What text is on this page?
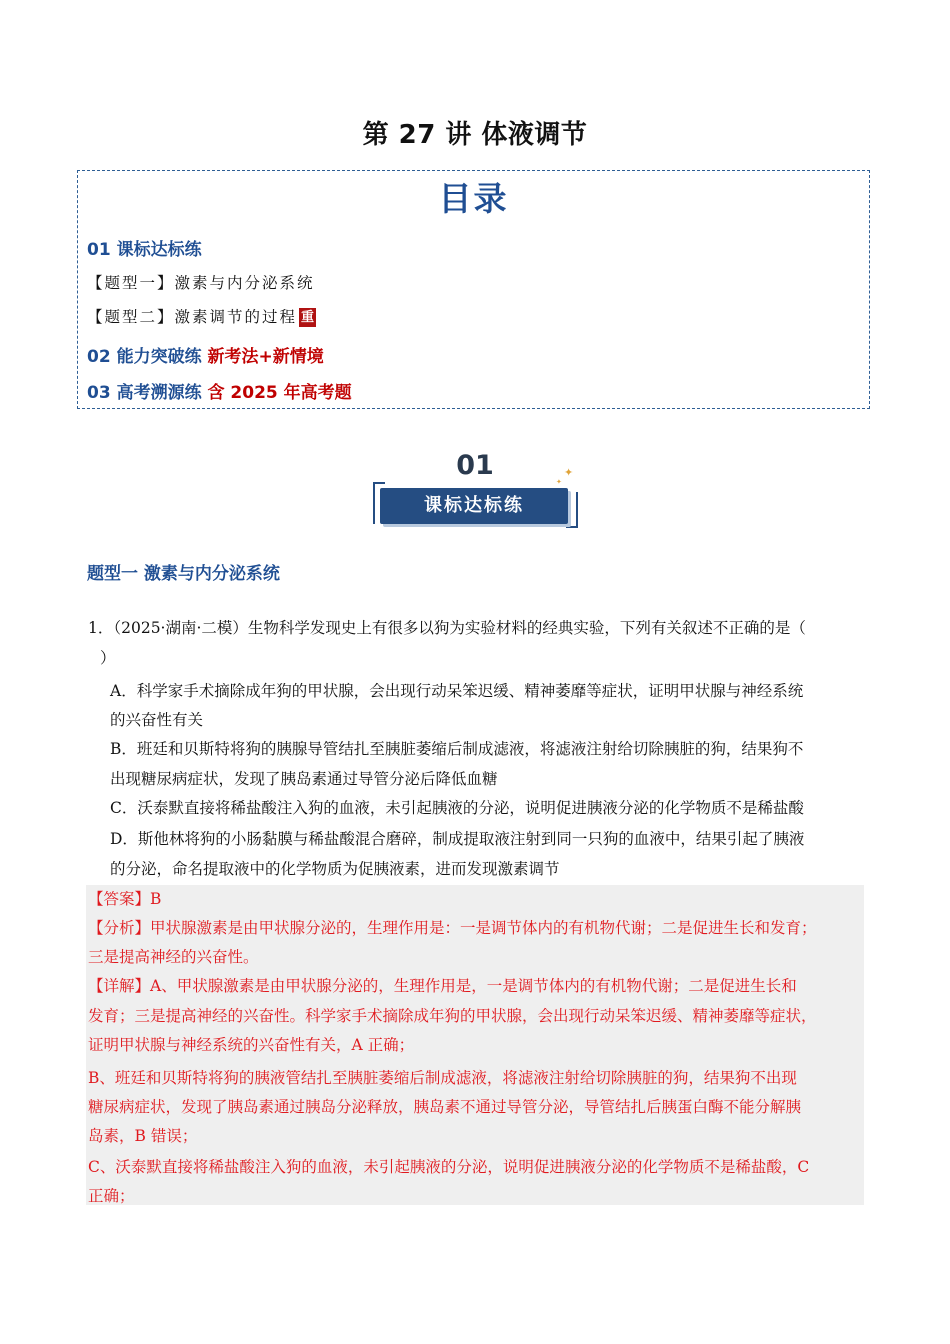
第 27 讲 体液调节
目录
01 课标达标练
【题型一】激素与内分泌系统
【题型二】激素调节的过程 重
02 能力突破练 新考法+新情境
03 高考溯源练 含 2025 年高考题
01
课标达标练
✦
✦
题型一 激素与内分泌系统
1．（2025·湖南·二模）生物科学发现史上有很多以狗为实验材料的经典实验，下列有关叙述不正确的是（
）
A．科学家手术摘除成年狗的甲状腺，会出现行动呆笨迟缓、精神萎靡等症状，证明甲状腺与神经系统
的兴奋性有关
B．班廷和贝斯特将狗的胰腺导管结扎至胰脏萎缩后制成滤液，将滤液注射给切除胰脏的狗，结果狗不
出现糖尿病症状，发现了胰岛素通过导管分泌后降低血糖
C．沃泰默直接将稀盐酸注入狗的血液，未引起胰液的分泌，说明促进胰液分泌的化学物质不是稀盐酸
D．斯他林将狗的小肠黏膜与稀盐酸混合磨碎，制成提取液注射到同一只狗的血液中，结果引起了胰液
的分泌，命名提取液中的化学物质为促胰液素，进而发现激素调节
【答案】B
【分析】甲状腺激素是由甲状腺分泌的，生理作用是：一是调节体内的有机物代谢；二是促进生长和发育；
三是提高神经的兴奋性。
【详解】A、甲状腺激素是由甲状腺分泌的，生理作用是，一是调节体内的有机物代谢；二是促进生长和
发育；三是提高神经的兴奋性。科学家手术摘除成年狗的甲状腺，会出现行动呆笨迟缓、精神萎靡等症状，
证明甲状腺与神经系统的兴奋性有关，A 正确；
B、班廷和贝斯特将狗的胰液管结扎至胰脏萎缩后制成滤液，将滤液注射给切除胰脏的狗，结果狗不出现
糖尿病症状，发现了胰岛素通过胰岛分泌释放，胰岛素不通过导管分泌，导管结扎后胰蛋白酶不能分解胰
岛素，B 错误；
C、沃泰默直接将稀盐酸注入狗的血液，未引起胰液的分泌，说明促进胰液分泌的化学物质不是稀盐酸，C
正确；
